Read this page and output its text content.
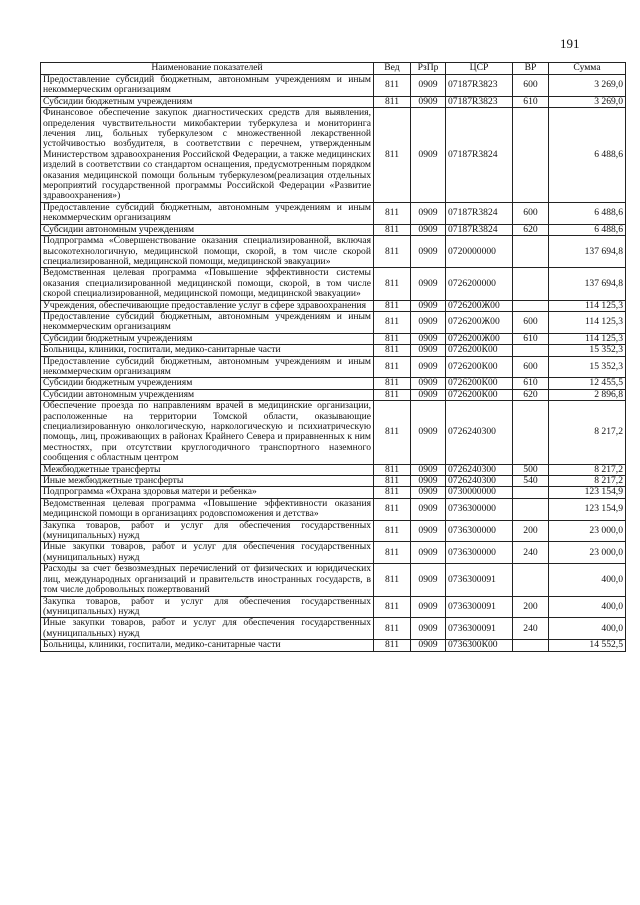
191
Наименование показателей	Вед	РзПр	ЦСР	ВР	Сумма
Предоставление субсидий бюджетным, автономным учреждениям и иным некоммерческим организациям	811	0909	07187R3823	600	3 269,0
Субсидии бюджетным учреждениям	811	0909	07187R3823	610	3 269,0
Финансовое обеспечение закупок диагностических средств для выявления, определения чувствительности микобактерии туберкулеза и мониторинга лечения лиц, больных туберкулезом с множественной лекарственной устойчивостью возбудителя, в соответствии с перечнем, утвержденным Министерством здравоохранения Российской Федерации, а также медицинских изделий в соответствии со стандартом оснащения, предусмотренным порядком оказания медицинской помощи больным туберкулезом(реализация отдельных мероприятий государственной программы Российской Федерации «Развитие здравоохранения»)	811	0909	07187R3824		6 488,6
Предоставление субсидий бюджетным, автономным учреждениям и иным некоммерческим организациям	811	0909	07187R3824	600	6 488,6
Субсидии автономным учреждениям	811	0909	07187R3824	620	6 488,6
Подпрограмма «Совершенствование оказания специализированной, включая высокотехнологичную, медицинской помощи, скорой, в том числе скорой специализированной, медицинской помощи, медицинской эвакуации»	811	0909	0720000000		137 694,8
Ведомственная целевая программа «Повышение эффективности системы оказания специализированной медицинской помощи, скорой, в том числе скорой специализированной, медицинской помощи, медицинской эвакуации»	811	0909	0726200000		137 694,8
Учреждения, обеспечивающие предоставление услуг в сфере здравоохранения	811	0909	0726200Ж00		114 125,3
Предоставление субсидий бюджетным, автономным учреждениям и иным некоммерческим организациям	811	0909	0726200Ж00	600	114 125,3
Субсидии бюджетным учреждениям	811	0909	0726200Ж00	610	114 125,3
Больницы, клиники, госпитали, медико-санитарные части	811	0909	0726200К00		15 352,3
Предоставление субсидий бюджетным, автономным учреждениям и иным некоммерческим организациям	811	0909	0726200К00	600	15 352,3
Субсидии бюджетным учреждениям	811	0909	0726200К00	610	12 455,5
Субсидии автономным учреждениям	811	0909	0726200К00	620	2 896,8
Обеспечение проезда по направлениям врачей в медицинские организации, расположенные на территории Томской области, оказывающие специализированную онкологическую, наркологическую и психиатрическую помощь, лиц, проживающих в районах Крайнего Севера и приравненных к ним местностях, при отсутствии круглогодичного транспортного наземного сообщения с областным центром	811	0909	0726240300		8 217,2
Межбюджетные трансферты	811	0909	0726240300	500	8 217,2
Иные межбюджетные трансферты	811	0909	0726240300	540	8 217,2
Подпрограмма «Охрана здоровья матери и ребенка»	811	0909	0730000000		123 154,9
Ведомственная целевая программа «Повышение эффективности оказания медицинской помощи в организациях родовспоможения и детства»	811	0909	0736300000		123 154,9
Закупка товаров, работ и услуг для обеспечения государственных (муниципальных) нужд	811	0909	0736300000	200	23 000,0
Иные закупки товаров, работ и услуг для обеспечения государственных (муниципальных) нужд	811	0909	0736300000	240	23 000,0
Расходы за счет безвозмездных перечислений от физических и юридических лиц, международных организаций и правительств иностранных государств, в том числе добровольных пожертвований	811	0909	0736300091		400,0
Закупка товаров, работ и услуг для обеспечения государственных (муниципальных) нужд	811	0909	0736300091	200	400,0
Иные закупки товаров, работ и услуг для обеспечения государственных (муниципальных) нужд	811	0909	0736300091	240	400,0
Больницы, клиники, госпитали, медико-санитарные части	811	0909	0736300К00		14 552,5
